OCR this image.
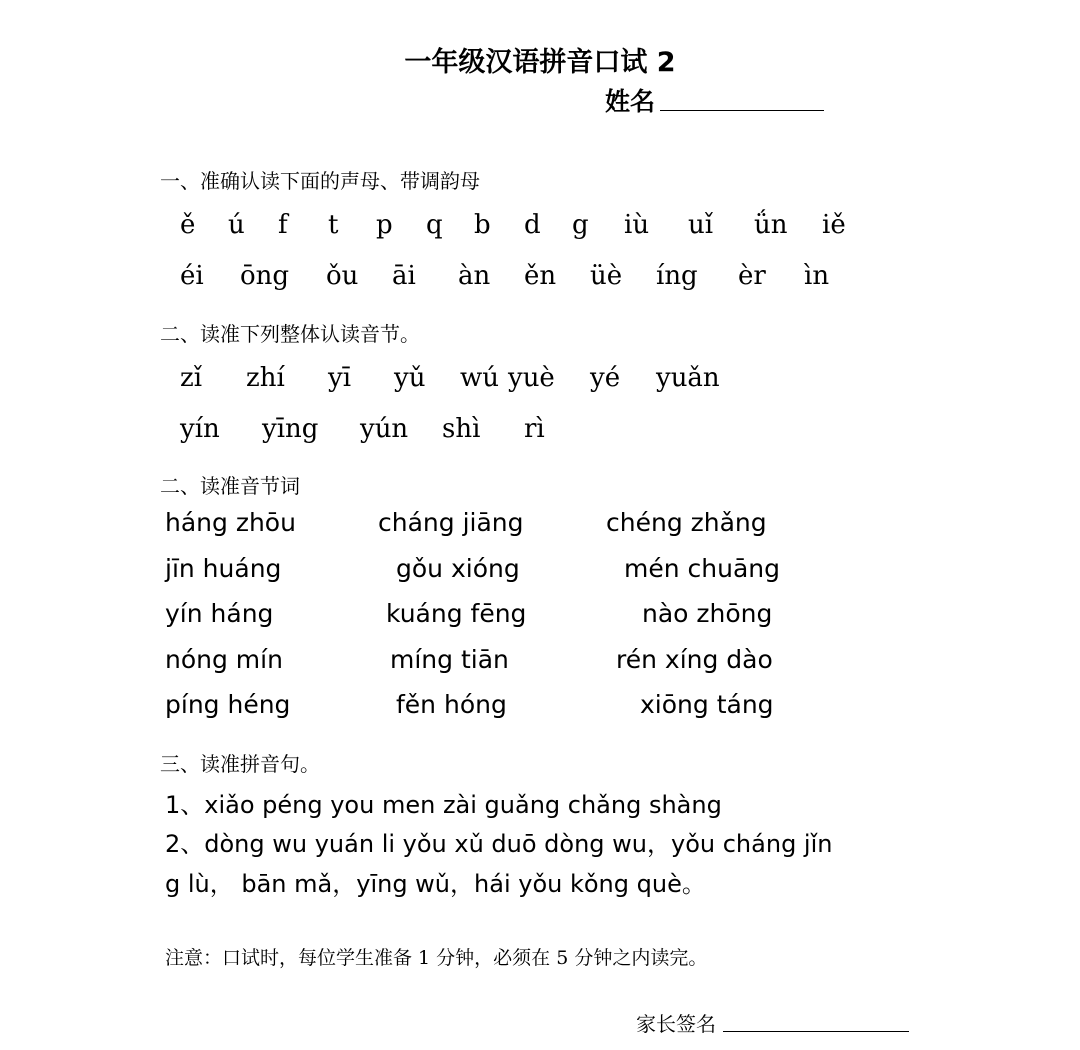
一年级汉语拼音口试 2
姓名
一、准确认读下面的声母、带调韵母
ě ú f t p q b d g iù uǐ ǘn iě
éi ōng ǒu āi àn ěn üè íng èr ìn
二、读准下列整体认读音节。
zǐ zhí yī yǔ wú yuè yé yuǎn
yín yīng yún shì rì
二、读准音节词
háng zhōu	cháng jiāng	chéng zhǎng
jīn huáng	gǒu xióng	mén chuāng
yín háng	kuáng fēng	nào zhōng
nóng mín	míng tiān	rén xíng dào
píng héng	fěn hóng	xiōng táng
三、读准拼音句。
1、xiǎo péng you men zài guǎng chǎng shàng
2、dòng wu yuán li yǒu xǔ duō dòng wu，yǒu cháng jǐn
g lù， bān mǎ，yīng wǔ，hái yǒu kǒng què。
注意：口试时，每位学生准备 1 分钟，必须在 5 分钟之内读完。
家长签名
